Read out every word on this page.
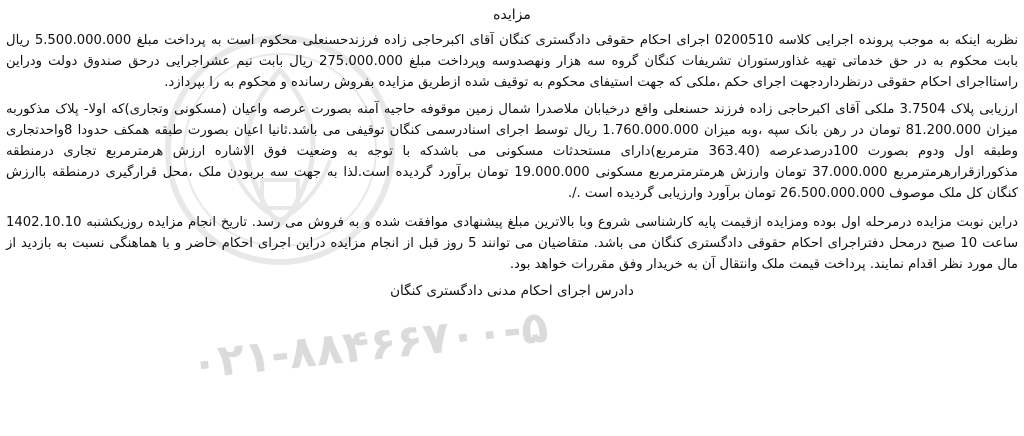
۰۲۱-۸۸۴۶۶۷۰۰-۵
مزایده

نظربه اینکه به موجب پرونده اجرایی کلاسه 0200510 اجرای احکام حقوقی دادگستری کنگان آقای اکبرحاجی زاده فرزندحسنعلی محکوم است به پرداخت مبلغ 5.500.000.000 ریال بابت محکوم به در حق خدماتی تهیه غذاورستوران تشریفات کنگان گروه سه هزار ونهصدوسه وپرداخت مبلغ 275.000.000 ریال بابت نیم عشراجرایی درحق صندوق دولت ودراین راستااجرای احکام حقوقی درنظرداردجهت اجرای حکم ،ملکی که جهت استیفای محکوم به توقیف شده ازطریق مزایده بفروش رسانده و محکوم به را بپردازد.

ارزیابی پلاک 3.7504 ملکی آقای اکبرحاجی زاده فرزند حسنعلی واقع درخیابان ملاصدرا شمال زمین موقوفه حاجیه آمنه بصورت عرصه واعیان (مسکونی وتجاری)که اولا- پلاک مذکوربه میزان 81.200.000 تومان در رهن بانک سپه ،وبه میزان 1.760.000.000 ریال توسط اجرای اسنادرسمی کنگان توقیفی می باشد.ثانیا اعیان بصورت طبقه همکف حدودا 8واحدتجاری وطبقه اول ودوم بصورت 100درصدعرصه (363.40 مترمربع)دارای مستحدثات مسکونی می باشدکه با توجه به وضعیت فوق الاشاره ارزش هرمترمربع تجاری درمنطقه مذکورازقرارهرمترمربع 37.000.000 تومان وارزش هرمترمترمربع مسکونی 19.000.000 تومان برآورد گردیده است.لذا به جهت سه بربودن ملک ،محل قرارگیری درمنطقه باارزش کنگان کل ملک موصوف 26.500.000.000 تومان برآورد وارزیابی گردیده است ./.

دراین نوبت مزایده درمرحله اول بوده ومزایده ازقیمت پایه کارشناسی شروع وبا بالاترین مبلغ پیشنهادی موافقت شده و به فروش می رسد. تاریخ انجام مزایده روزیکشنبه 1402.10.10 ساعت 10 صبح درمحل دفتراجرای احکام حقوقی دادگستری کنگان می باشد. متقاضیان می توانند 5 روز قبل از انجام مزایده دراین اجرای احکام حاضر و با هماهنگی نسبت به بازدید از مال مورد نظر اقدام نمایند. پرداخت قیمت ملک وانتقال آن به خریدار وفق مقررات خواهد بود.

دادرس اجرای احکام مدنی دادگستری کنگان
